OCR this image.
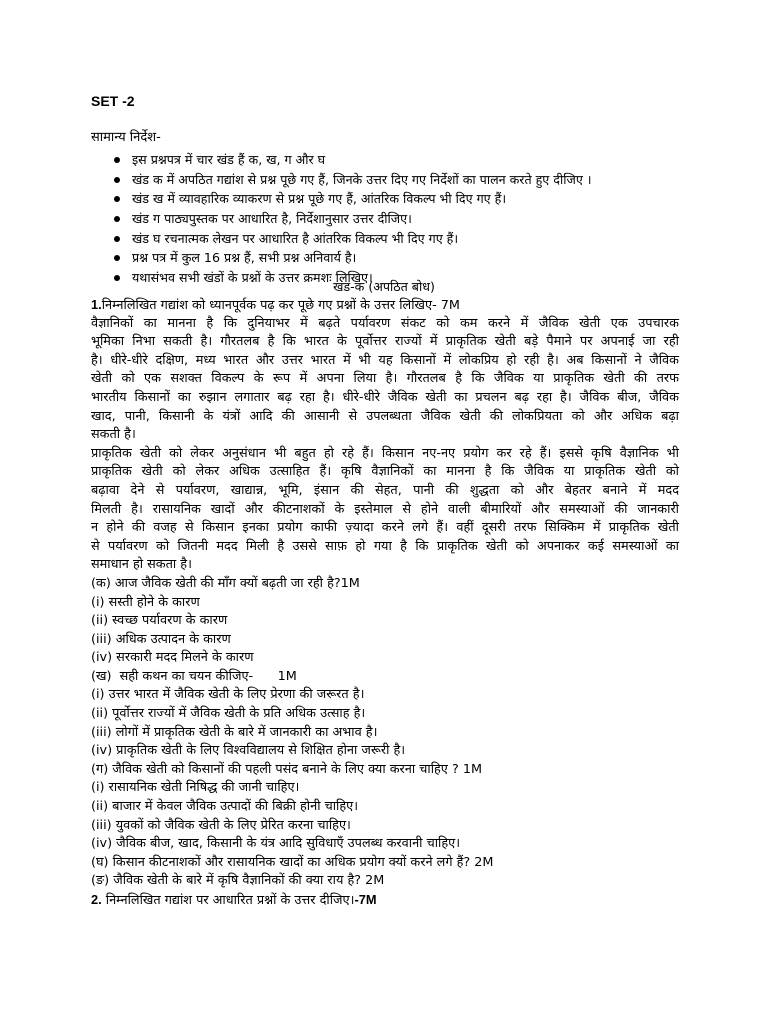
SET -2
सामान्य निर्देश-
इस प्रश्नपत्र में चार खंड हैं क, ख, ग और घ
खंड क में अपठित गद्यांश से प्रश्न पूछे गए हैं, जिनके उत्तर दिए गए निर्देशों का पालन करते हुए दीजिए ।
खंड ख में व्यावहारिक व्याकरण से प्रश्न पूछे गए हैं, आंतरिक विकल्प भी दिए गए हैं।
खंड ग पाठ्यपुस्तक पर आधारित है, निर्देशानुसार उत्तर दीजिए।
खंड घ रचनात्मक लेखन पर आधारित है आंतरिक विकल्प भी दिए गए हैं।
प्रश्न पत्र में कुल 16 प्रश्न हैं, सभी प्रश्न अनिवार्य है।
यथासंभव सभी खंडों के प्रश्नों के उत्तर क्रमशः लिखिए।
खंड-क (अपठित बोध)
1.निम्नलिखित गद्यांश को ध्यानपूर्वक पढ़ कर पूछे गए प्रश्नों के उत्तर लिखिए- 7M
वैज्ञानिकों का मानना है कि दुनियाभर में बढ़ते पर्यावरण संकट को कम करने में जैविक खेती एक उपचारक
भूमिका निभा सकती है। गौरतलब है कि भारत के पूर्वोत्तर राज्यों में प्राकृतिक खेती बड़े पैमाने पर अपनाई जा रही
है। धीरे-धीरे दक्षिण, मध्य भारत और उत्तर भारत में भी यह किसानों में लोकप्रिय हो रही है। अब किसानों ने जैविक
खेती को एक सशक्त विकल्प के रूप में अपना लिया है। गौरतलब है कि जैविक या प्राकृतिक खेती की तरफ
भारतीय किसानों का रुझान लगातार बढ़ रहा है। धीरे-धीरे जैविक खेती का प्रचलन बढ़ रहा है। जैविक बीज, जैविक
खाद, पानी, किसानी के यंत्रों आदि की आसानी से उपलब्धता जैविक खेती की लोकप्रियता को और अधिक बढ़ा
सकती है।
प्राकृतिक खेती को लेकर अनुसंधान भी बहुत हो रहे हैं। किसान नए-नए प्रयोग कर रहे हैं। इससे कृषि वैज्ञानिक भी
प्राकृतिक खेती को लेकर अधिक उत्साहित हैं। कृषि वैज्ञानिकों का मानना है कि जैविक या प्राकृतिक खेती को
बढ़ावा देने से पर्यावरण, खाद्यान्न, भूमि, इंसान की सेहत, पानी की शुद्धता को और बेहतर बनाने में मदद
मिलती है। रासायनिक खादों और कीटनाशकों के इस्तेमाल से होने वाली बीमारियों और समस्याओं की जानकारी
न होने की वजह से किसान इनका प्रयोग काफी ज़्यादा करने लगे हैं। वहीं दूसरी तरफ सिक्किम में प्राकृतिक खेती
से पर्यावरण को जितनी मदद मिली है उससे साफ़ हो गया है कि प्राकृतिक खेती को अपनाकर कई समस्याओं का
समाधान हो सकता है।
(क) आज जैविक खेती की माँग क्यों बढ़ती जा रही है?1M
(i) सस्ती होने के कारण
(ii) स्वच्छ पर्यावरण के कारण
(iii) अधिक उत्पादन के कारण
(iv) सरकारी मदद मिलने के कारण
(ख)  सही कथन का चयन कीजिए-      1M
(i) उत्तर भारत में जैविक खेती के लिए प्रेरणा की जरूरत है।
(ii) पूर्वोत्तर राज्यों में जैविक खेती के प्रति अधिक उत्साह है।
(iii) लोगों में प्राकृतिक खेती के बारे में जानकारी का अभाव है।
(iv) प्राकृतिक खेती के लिए विश्वविद्यालय से शिक्षित होना जरूरी है।
(ग) जैविक खेती को किसानों की पहली पसंद बनाने के लिए क्या करना चाहिए ? 1M
(i) रासायनिक खेती निषिद्ध की जानी चाहिए।
(ii) बाजार में केवल जैविक उत्पादों की बिक्री होनी चाहिए।
(iii) युवकों को जैविक खेती के लिए प्रेरित करना चाहिए।
(iv) जैविक बीज, खाद, किसानी के यंत्र आदि सुविधाएँ उपलब्ध करवानी चाहिए।
(घ) किसान कीटनाशकों और रासायनिक खादों का अधिक प्रयोग क्यों करने लगे हैं? 2M
(ङ) जैविक खेती के बारे में कृषि वैज्ञानिकों की क्या राय है? 2M
2. निम्नलिखित गद्यांश पर आधारित प्रश्नों के उत्तर दीजिए।-7M
